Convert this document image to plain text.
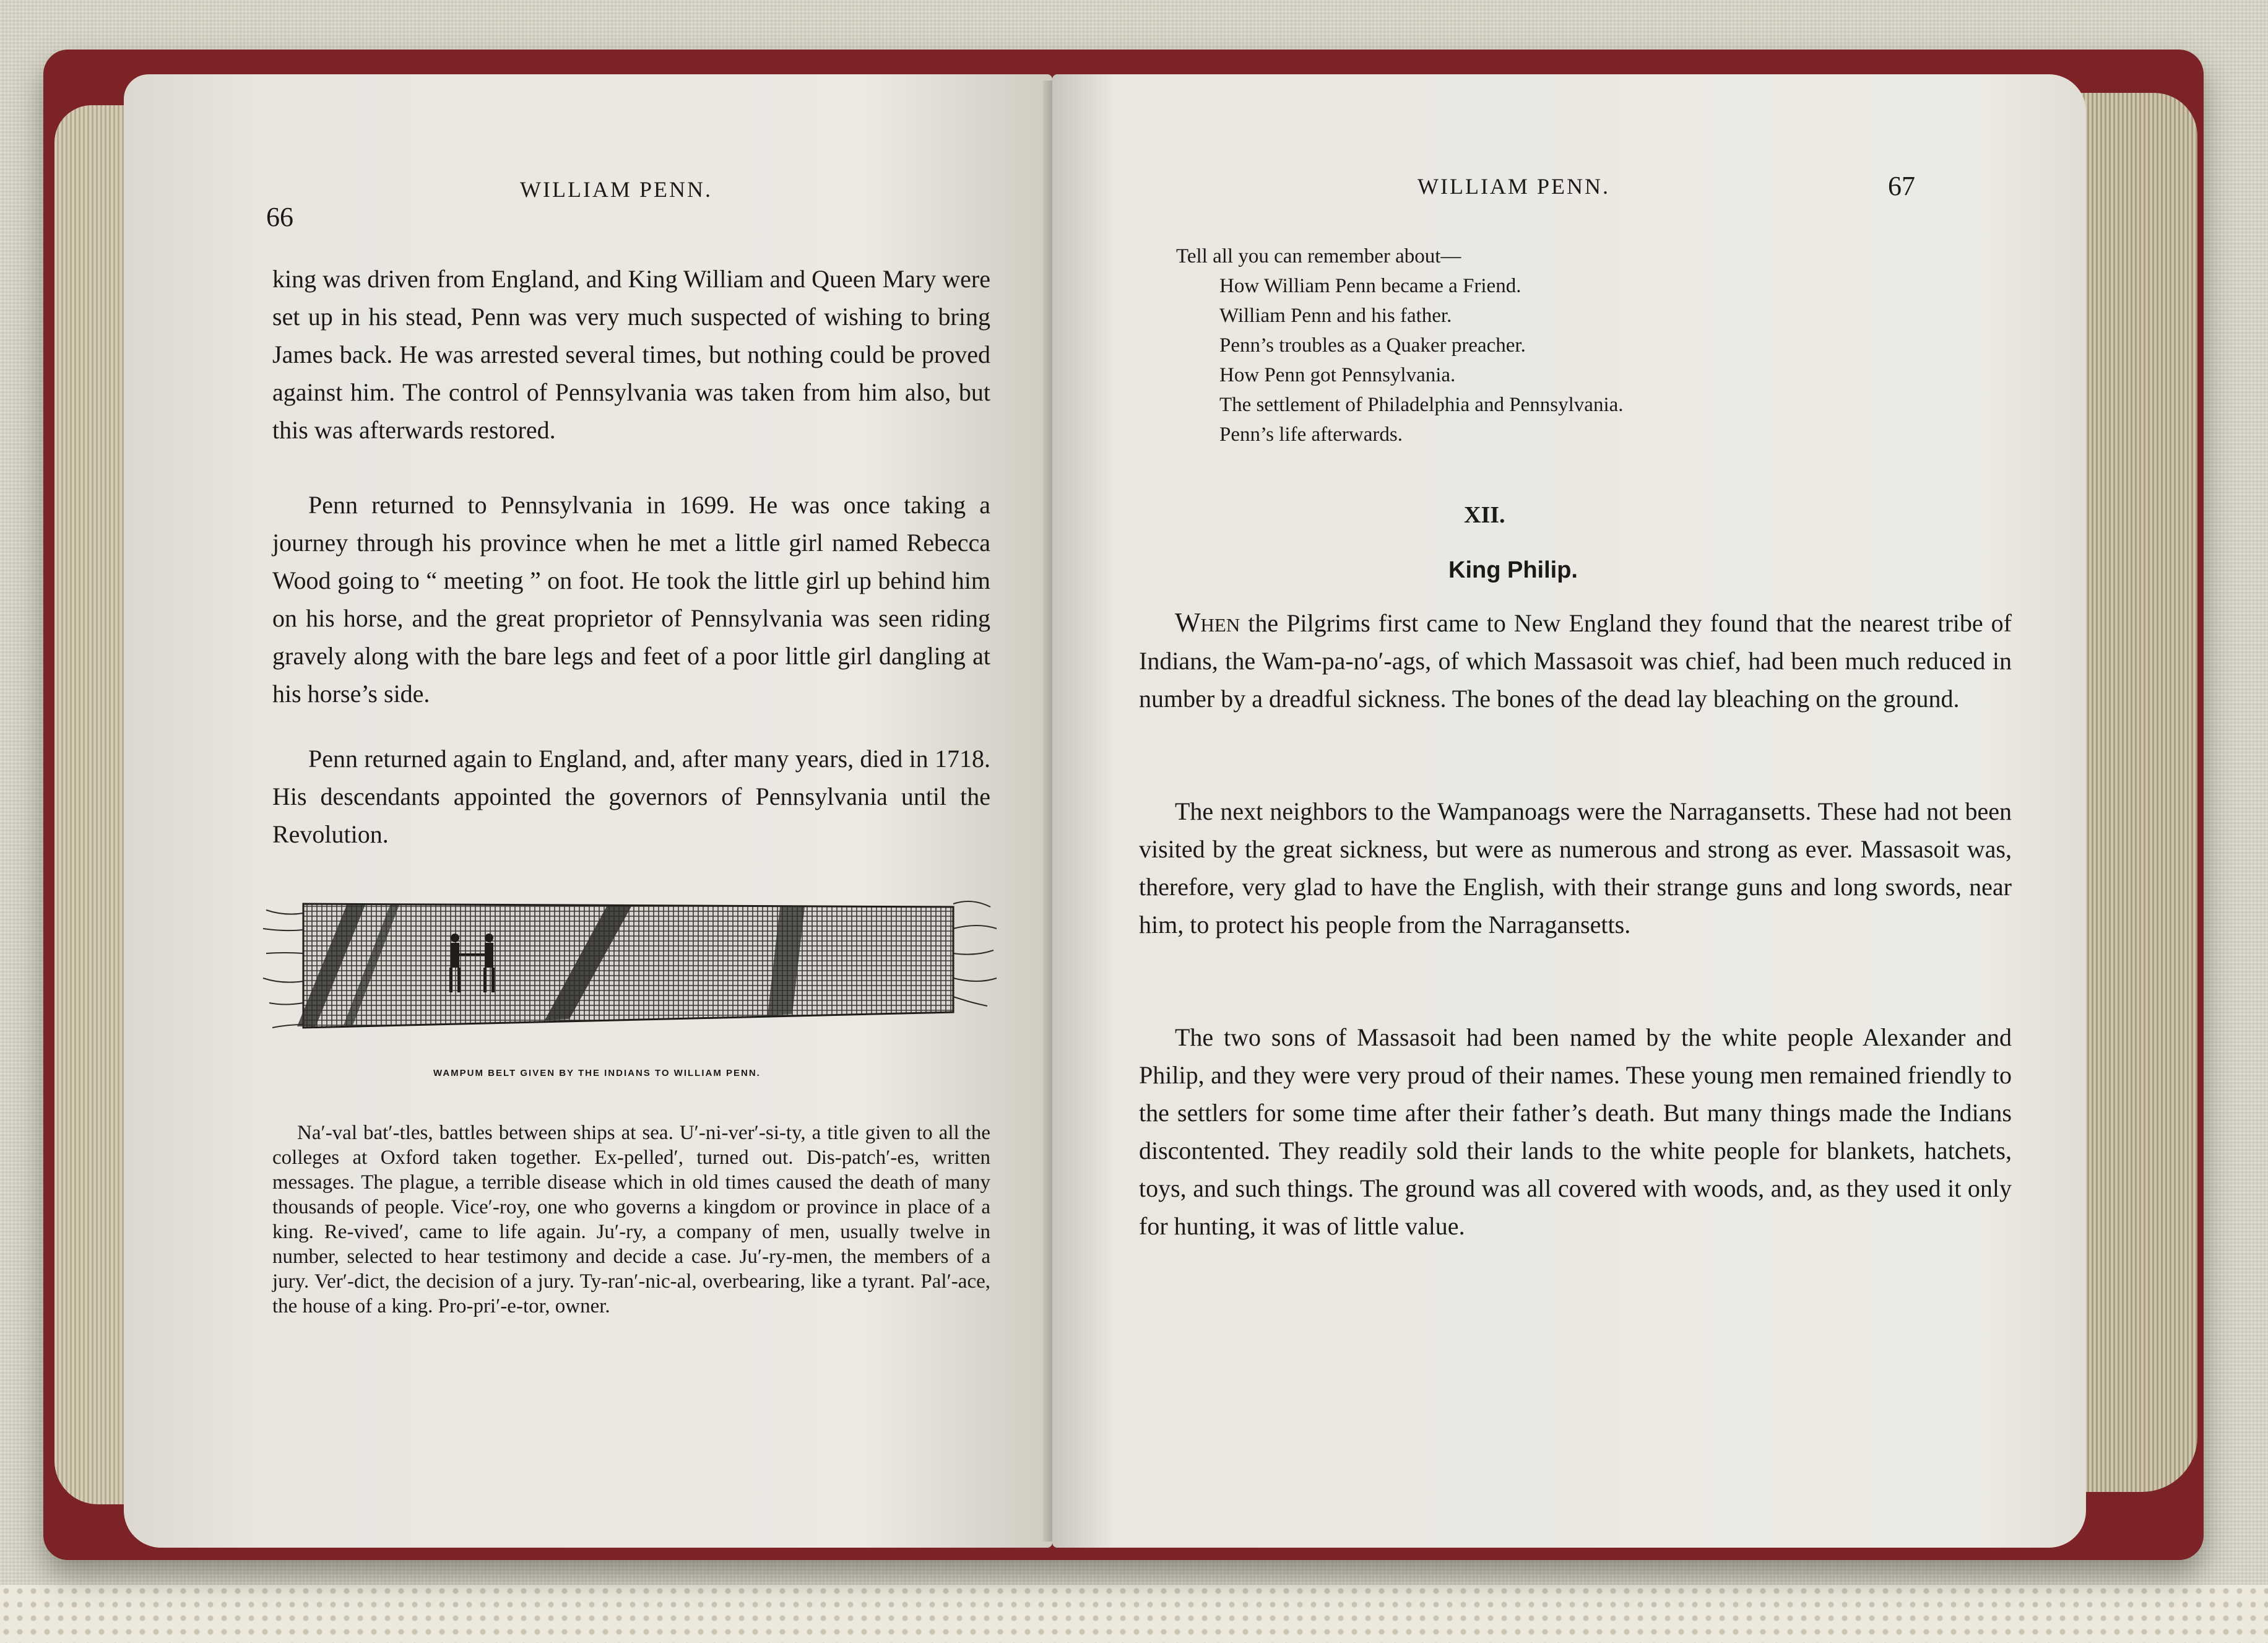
66
WILLIAM PENN.

king was driven from England, and King William and Queen Mary were set up in his stead, Penn was very much suspected of wishing to bring James back. He was arrested several times, but nothing could be proved against him. The control of Pennsylvania was taken from him also, but this was afterwards restored.

Penn returned to Pennsylvania in 1699. He was once taking a journey through his province when he met a little girl named Rebecca Wood going to “ meeting ” on foot. He took the little girl up behind him on his horse, and the great proprietor of Pennsylvania was seen riding gravely along with the bare legs and feet of a poor little girl dangling at his horse’s side.

Penn returned again to England, and, after many years, died in 1718. His descendants appointed the governors of Pennsylvania until the Revolution.

WAMPUM BELT GIVEN BY THE INDIANS TO WILLIAM PENN.

Na′-val bat′-tles, battles between ships at sea. U′-ni-ver′-si-ty, a title given to all the colleges at Oxford taken together. Ex-pelled′, turned out. Dis-patch′-es, written messages. The plague, a terrible disease which in old times caused the death of many thousands of people. Vice′-roy, one who governs a kingdom or province in place of a king. Re-vived′, came to life again. Ju′-ry, a company of men, usually twelve in number, selected to hear testimony and decide a case. Ju′-ry-men, the members of a jury. Ver′-dict, the decision of a jury. Ty-ran′-nic-al, overbearing, like a tyrant. Pal′-ace, the house of a king. Pro-pri′-e-tor, owner.

WILLIAM PENN.	67

Tell all you can remember about—

How William Penn became a Friend.
William Penn and his father.
Penn’s troubles as a Quaker preacher.
How Penn got Pennsylvania.
The settlement of Philadelphia and Pennsylvania.
Penn’s life afterwards.
XII.
King Philip.

When the Pilgrims first came to New England they found that the nearest tribe of Indians, the Wam-pa-no′-ags, of which Massasoit was chief, had been much reduced in number by a dreadful sickness. The bones of the dead lay bleaching on the ground.

The next neighbors to the Wampanoags were the Narragansetts. These had not been visited by the great sickness, but were as numerous and strong as ever. Massasoit was, therefore, very glad to have the English, with their strange guns and long swords, near him, to protect his people from the Narragansetts.

The two sons of Massasoit had been named by the white people Alexander and Philip, and they were very proud of their names. These young men remained friendly to the settlers for some time after their father’s death. But many things made the Indians discontented. They readily sold their lands to the white people for blankets, hatchets, toys, and such things. The ground was all covered with woods, and, as they used it only for hunting, it was of little value.
